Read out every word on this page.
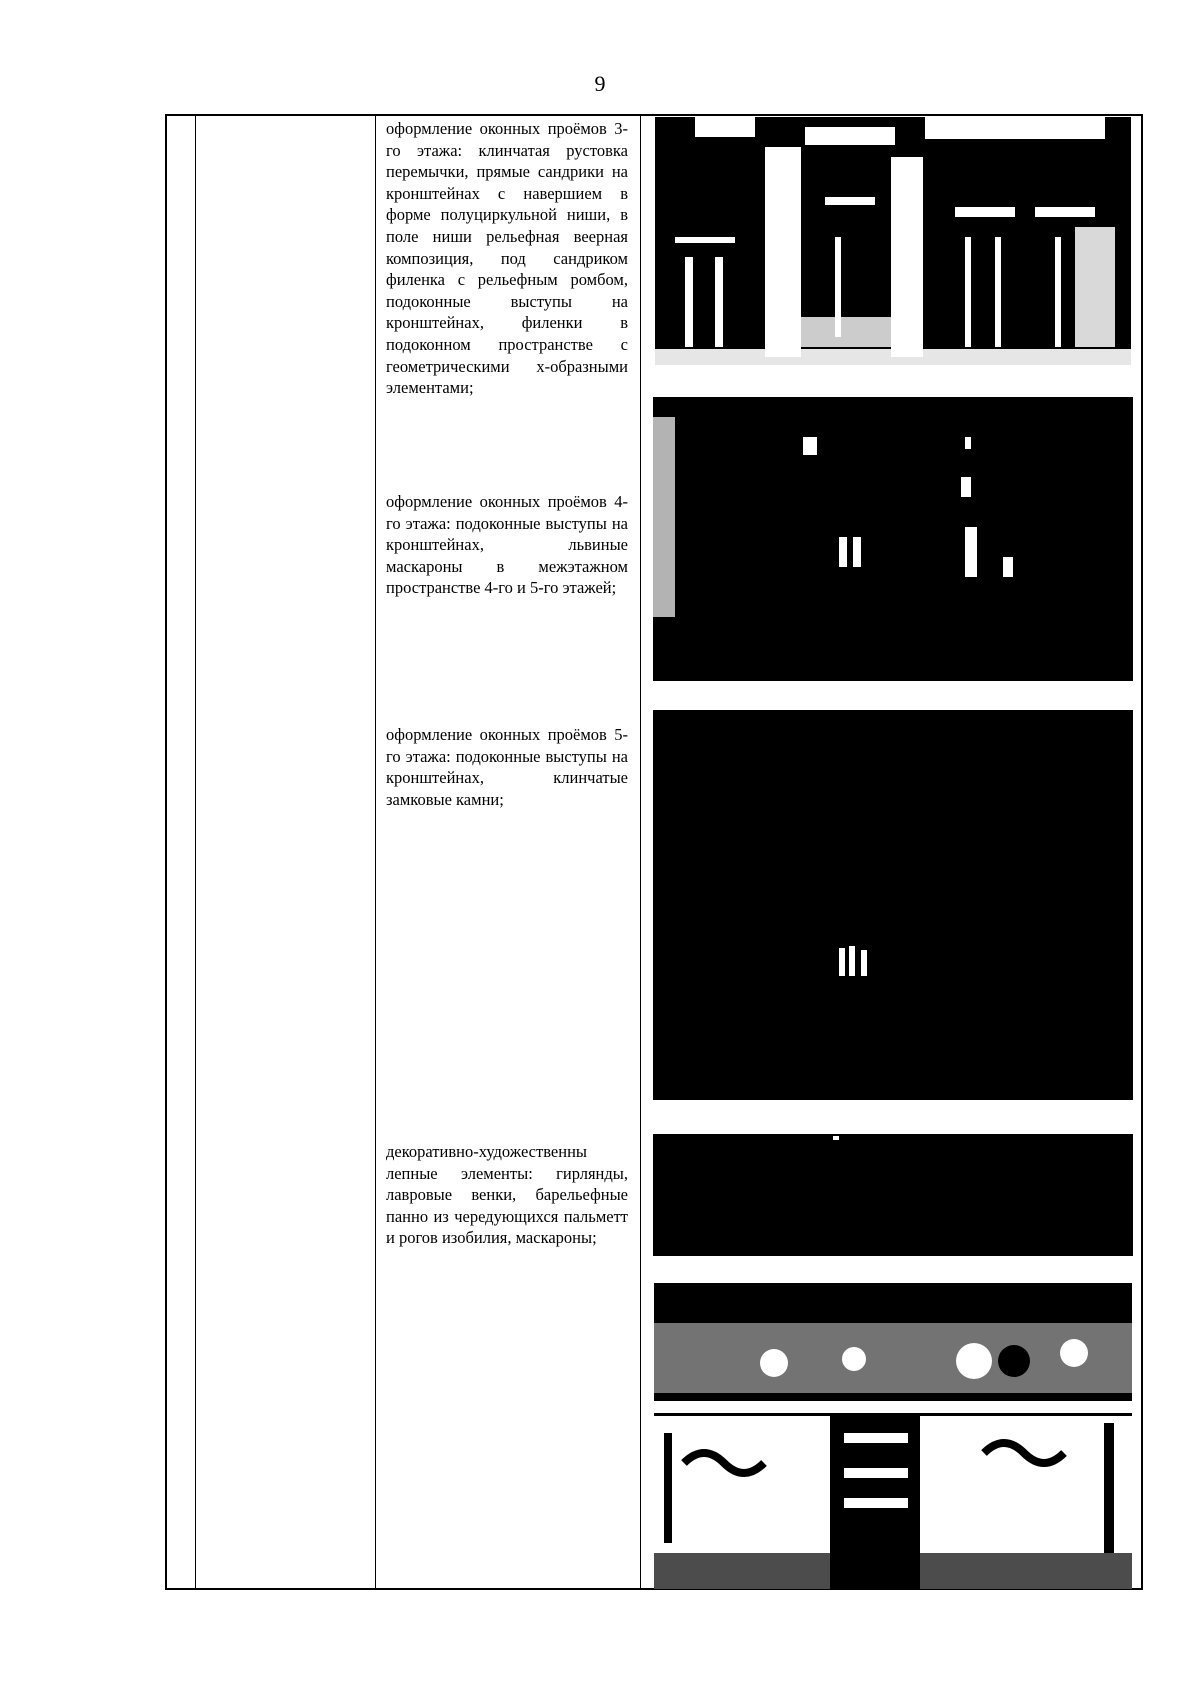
9
оформление оконных проёмов 3-го этажа: клинчатая рустовка перемычки, прямые сандрики на кронштейнах с навершием в форме полуциркульной ниши, в поле ниши рельефная веерная композиция, под сандриком филенка с рельефным ромбом, подоконные выступы на кронштейнах, филенки в подоконном пространстве с геометрическими х-образными элементами;
оформление оконных проёмов 4-го этажа: подоконные выступы на кронштейнах, львиные маскароны в межэтажном пространстве 4-го и 5-го этажей;
оформление оконных проёмов 5-го этажа: подоконные выступы на кронштейнах, клинчатые замковые камни;
декоративно-художественны лепные элементы: гирлянды, лавровые венки, барельефные панно из чередующихся пальметт и рогов изобилия, маскароны;
